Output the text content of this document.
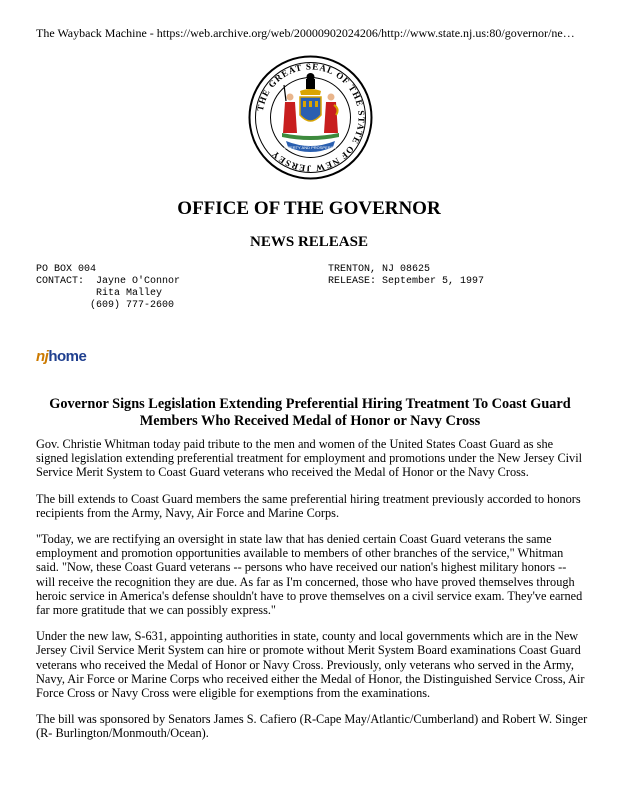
The Wayback Machine - https://web.archive.org/web/20000902024206/http://www.state.nj.us:80/governor/ne…
THE GREAT SEAL OF THE STATE OF NEW JERSEY
LIBERTY AND PROSPERITY
OFFICE OF THE GOVERNOR
NEWS RELEASE
PO BOX 004
CONTACT:  Jayne O'Connor
Rita Malley
(609) 777-2600
TRENTON, NJ 08625
RELEASE: September 5, 1997
njhome
Governor Signs Legislation Extending Preferential Hiring Treatment To Coast Guard Members Who Received Medal of Honor or Navy Cross

Gov. Christie Whitman today paid tribute to the men and women of the United States Coast Guard as she signed legislation extending preferential treatment for employment and promotions under the New Jersey Civil Service Merit System to Coast Guard veterans who received the Medal of Honor or the Navy Cross.

The bill extends to Coast Guard members the same preferential hiring treatment previously accorded to honors recipients from the Army, Navy, Air Force and Marine Corps.

"Today, we are rectifying an oversight in state law that has denied certain Coast Guard veterans the same employment and promotion opportunities available to members of other branches of the service," Whitman said. "Now, these Coast Guard veterans -- persons who have received our nation's highest military honors -- will receive the recognition they are due. As far as I'm concerned, those who have proved themselves through heroic service in America's defense shouldn't have to prove themselves on a civil service exam. They've earned far more gratitude that we can possibly express."

Under the new law, S-631, appointing authorities in state, county and local governments which are in the New Jersey Civil Service Merit System can hire or promote without Merit System Board examinations Coast Guard veterans who received the Medal of Honor or Navy Cross. Previously, only veterans who served in the Army, Navy, Air Force or Marine Corps who received either the Medal of Honor, the Distinguished Service Cross, Air Force Cross or Navy Cross were eligible for exemptions from the examinations.

The bill was sponsored by Senators James S. Cafiero (R-Cape May/Atlantic/Cumberland) and Robert W. Singer (R- Burlington/Monmouth/Ocean).
